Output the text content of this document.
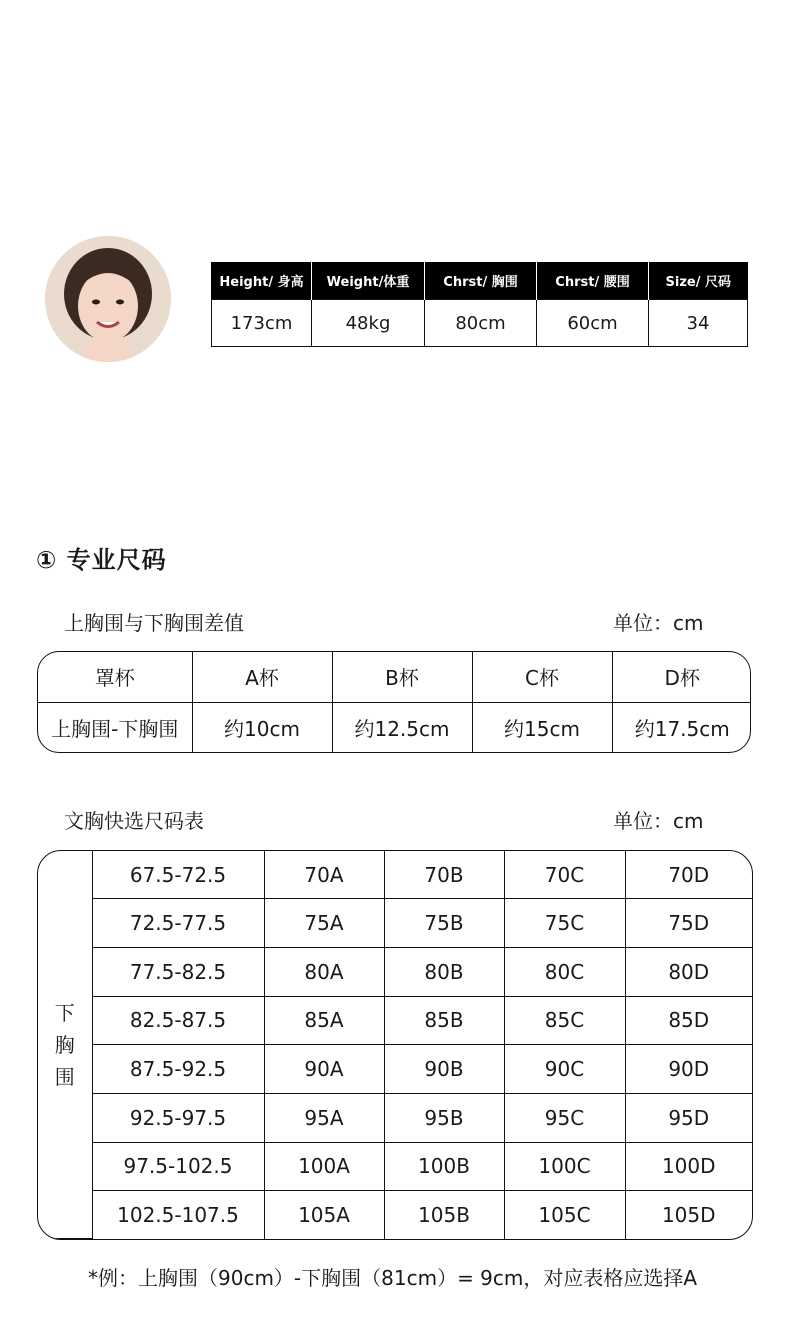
Height/ 身高	Weight/体重	Chrst/ 胸围	Chrst/ 腰围	Size/ 尺码
173cm	48kg	80cm	60cm	34
① 专业尺码
上胸围与下胸围差值	单位：cm
罩杯	A杯	B杯	C杯	D杯
上胸围-下胸围	约10cm	约12.5cm	约15cm	约17.5cm
文胸快选尺码表	单位：cm
下
胸
围	67.5-72.5	70A	70B	70C	70D
	72.5-77.5	75A	75B	75C	75D
	77.5-82.5	80A	80B	80C	80D
	82.5-87.5	85A	85B	85C	85D
	87.5-92.5	90A	90B	90C	90D
	92.5-97.5	95A	95B	95C	95D
	97.5-102.5	100A	100B	100C	100D
	102.5-107.5	105A	105B	105C	105D
*例：上胸围（90cm）-下胸围（81cm）= 9cm，对应表格应选择A
